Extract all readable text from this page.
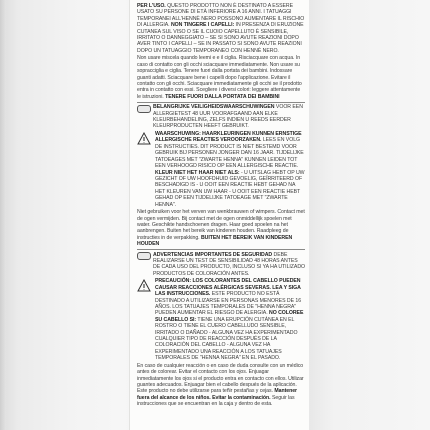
PER L'USO. QUESTO PRODOTTO NON È DESTINATO A ESSERE USATO SU PERSONE DI ETÀ INFERIORE A 16 ANNI. I TATUAGGI TEMPORANEI ALL'HENNÈ NERO POSSONO AUMENTARE IL RISCHIO DI ALLERGIA. NON TINGERE I CAPELLI: IN PRESENZA DI ERUZIONE CUTANEA SUL VISO O SE IL CUOIO CAPELLUTO È SENSIBILE, IRRITATO O DANNEGGIATO – SE SI SONO AVUTE REAZIONI DOPO AVER TINTO I CAPELLI – SE IN PASSATO SI SONO AVUTE REAZIONI DOPO UN TATUAGGIO TEMPORANEO CON HENNÈ NERO.
Non usare miscela quando leemi e e il ciglia. Risciacquare con acqua. In caso di contatto con gli occhi sciacquare immediatamente. Non usare su sopracciglia e ciglia. Tenere fuori dalla portata dei bambini. Indossare guanti adatti. Sciacquare bene i capelli dopo l'applicazione. Evitare il contatto con gli occhi. Sciacquare immediatamente gli occhi se il prodotto entra in contatto con essi. Scegliere i diversi colori: leggere attentamente le istruzioni. TENERE FUORI DALLA PORTATA DEI BAMBINI
BELANGRIJKE VEILIGHEIDSWAARSCHUWINGEN VOOR EEN ALLERGIETEST 48 UUR VOORAFGAAND AAN ELKE KLEURBEHANDELING, ZELFS INDIEN U REEDS EERDER KLEURPRODUCTEN HEEFT GEBRUIKT.
WAARSCHUWING: HAARKLEURINGEN KUNNEN ERNSTIGE ALLERGISCHE REACTIES VEROORZAKEN. LEES EN VOLG DE INSTRUCTIES. DIT PRODUCT IS NIET BESTEMD VOOR GEBRUIK BIJ PERSONEN JONGER DAN 16 JAAR. TIJDELIJKE TATOEAGES MET "ZWARTE HENNA" KUNNEN LEIDEN TOT EEN VERHOOGD RISICO OP EEN ALLERGISCHE REACTIE. KLEUR NIET HET HAAR NIET ALS: - U UITSLAG HEBT OP UW GEZICHT OF UW HOOFDHUID GEVOELIG, GEÏRRITEERD OF BESCHADIGD IS - U OOIT EEN REACTIE HEBT GEHAD NA HET KLEUREN VAN UW HAAR - U OOIT EEN REACTIE HEBT GEHAD OP EEN TIJDELIJKE TATOEAGE MET "ZWARTE HENNA".
Niet gebruiken voor het verven van wenkbrauwen of wimpers. Contact met de ogen vermijden. Bij contact met de ogen onmiddellijk spoelen met water. Geschikte handschoenen dragen. Haar goed spoelen na het aanbrengen. Buiten het bereik van kinderen houden. Raadpleeg de instructies in de verpakking. BUITEN HET BEREIK VAN KINDEREN HOUDEN
ADVERTENCIAS IMPORTANTES DE SEGURIDAD DEBE REALIZARSE UN TEST DE SENSIBILIDAD 48 HORAS ANTES DE CADA USO DEL PRODUCTO, INCLUSO SI YA HA UTILIZADO PRODUCTOS DE COLORACIÓN ANTES.
PRECAUCIÓN: LOS COLORANTES DEL CABELLO PUEDEN CAUSAR REACCIONES ALÉRGICAS SEVERAS. LEA Y SIGA LAS INSTRUCCIONES. ESTE PRODUCTO NO ESTÁ DESTINADO A UTILIZARSE EN PERSONAS MENORES DE 16 AÑOS. LOS TATUAJES TEMPORALES DE "HENNA NEGRA" PUEDEN AUMENTAR EL RIESGO DE ALERGIA. NO COLOREE SU CABELLO SI: TIENE UNA ERUPCIÓN CUTÁNEA EN EL ROSTRO O TIENE EL CUERO CABELLUDO SENSIBLE, IRRITADO O DAÑADO - ALGUNA VEZ HA EXPERIMENTADO CUALQUIER TIPO DE REACCIÓN DESPUÉS DE LA COLORACIÓN DEL CABELLO - ALGUNA VEZ HA EXPERIMENTADO UNA REACCIÓN A LOS TATUAJES TEMPORALES DE "HENNA NEGRA" EN EL PASADO.
En caso de cualquier reacción o en caso de duda consulte con un médico antes de colorear. Evitar el contacto con los ojos. Enjuagar inmediatamente los ojos si el producto entra en contacto con ellos. Utilizar guantes adecuados. Enjuagar bien el cabello después de la aplicación. Este producto no debe utilizarse para teñir pestañas y cejas. Mantener fuera del alcance de los niños. Evitar la contaminación. Seguir las instrucciones que se encuentran en la caja y dentro de esta.
